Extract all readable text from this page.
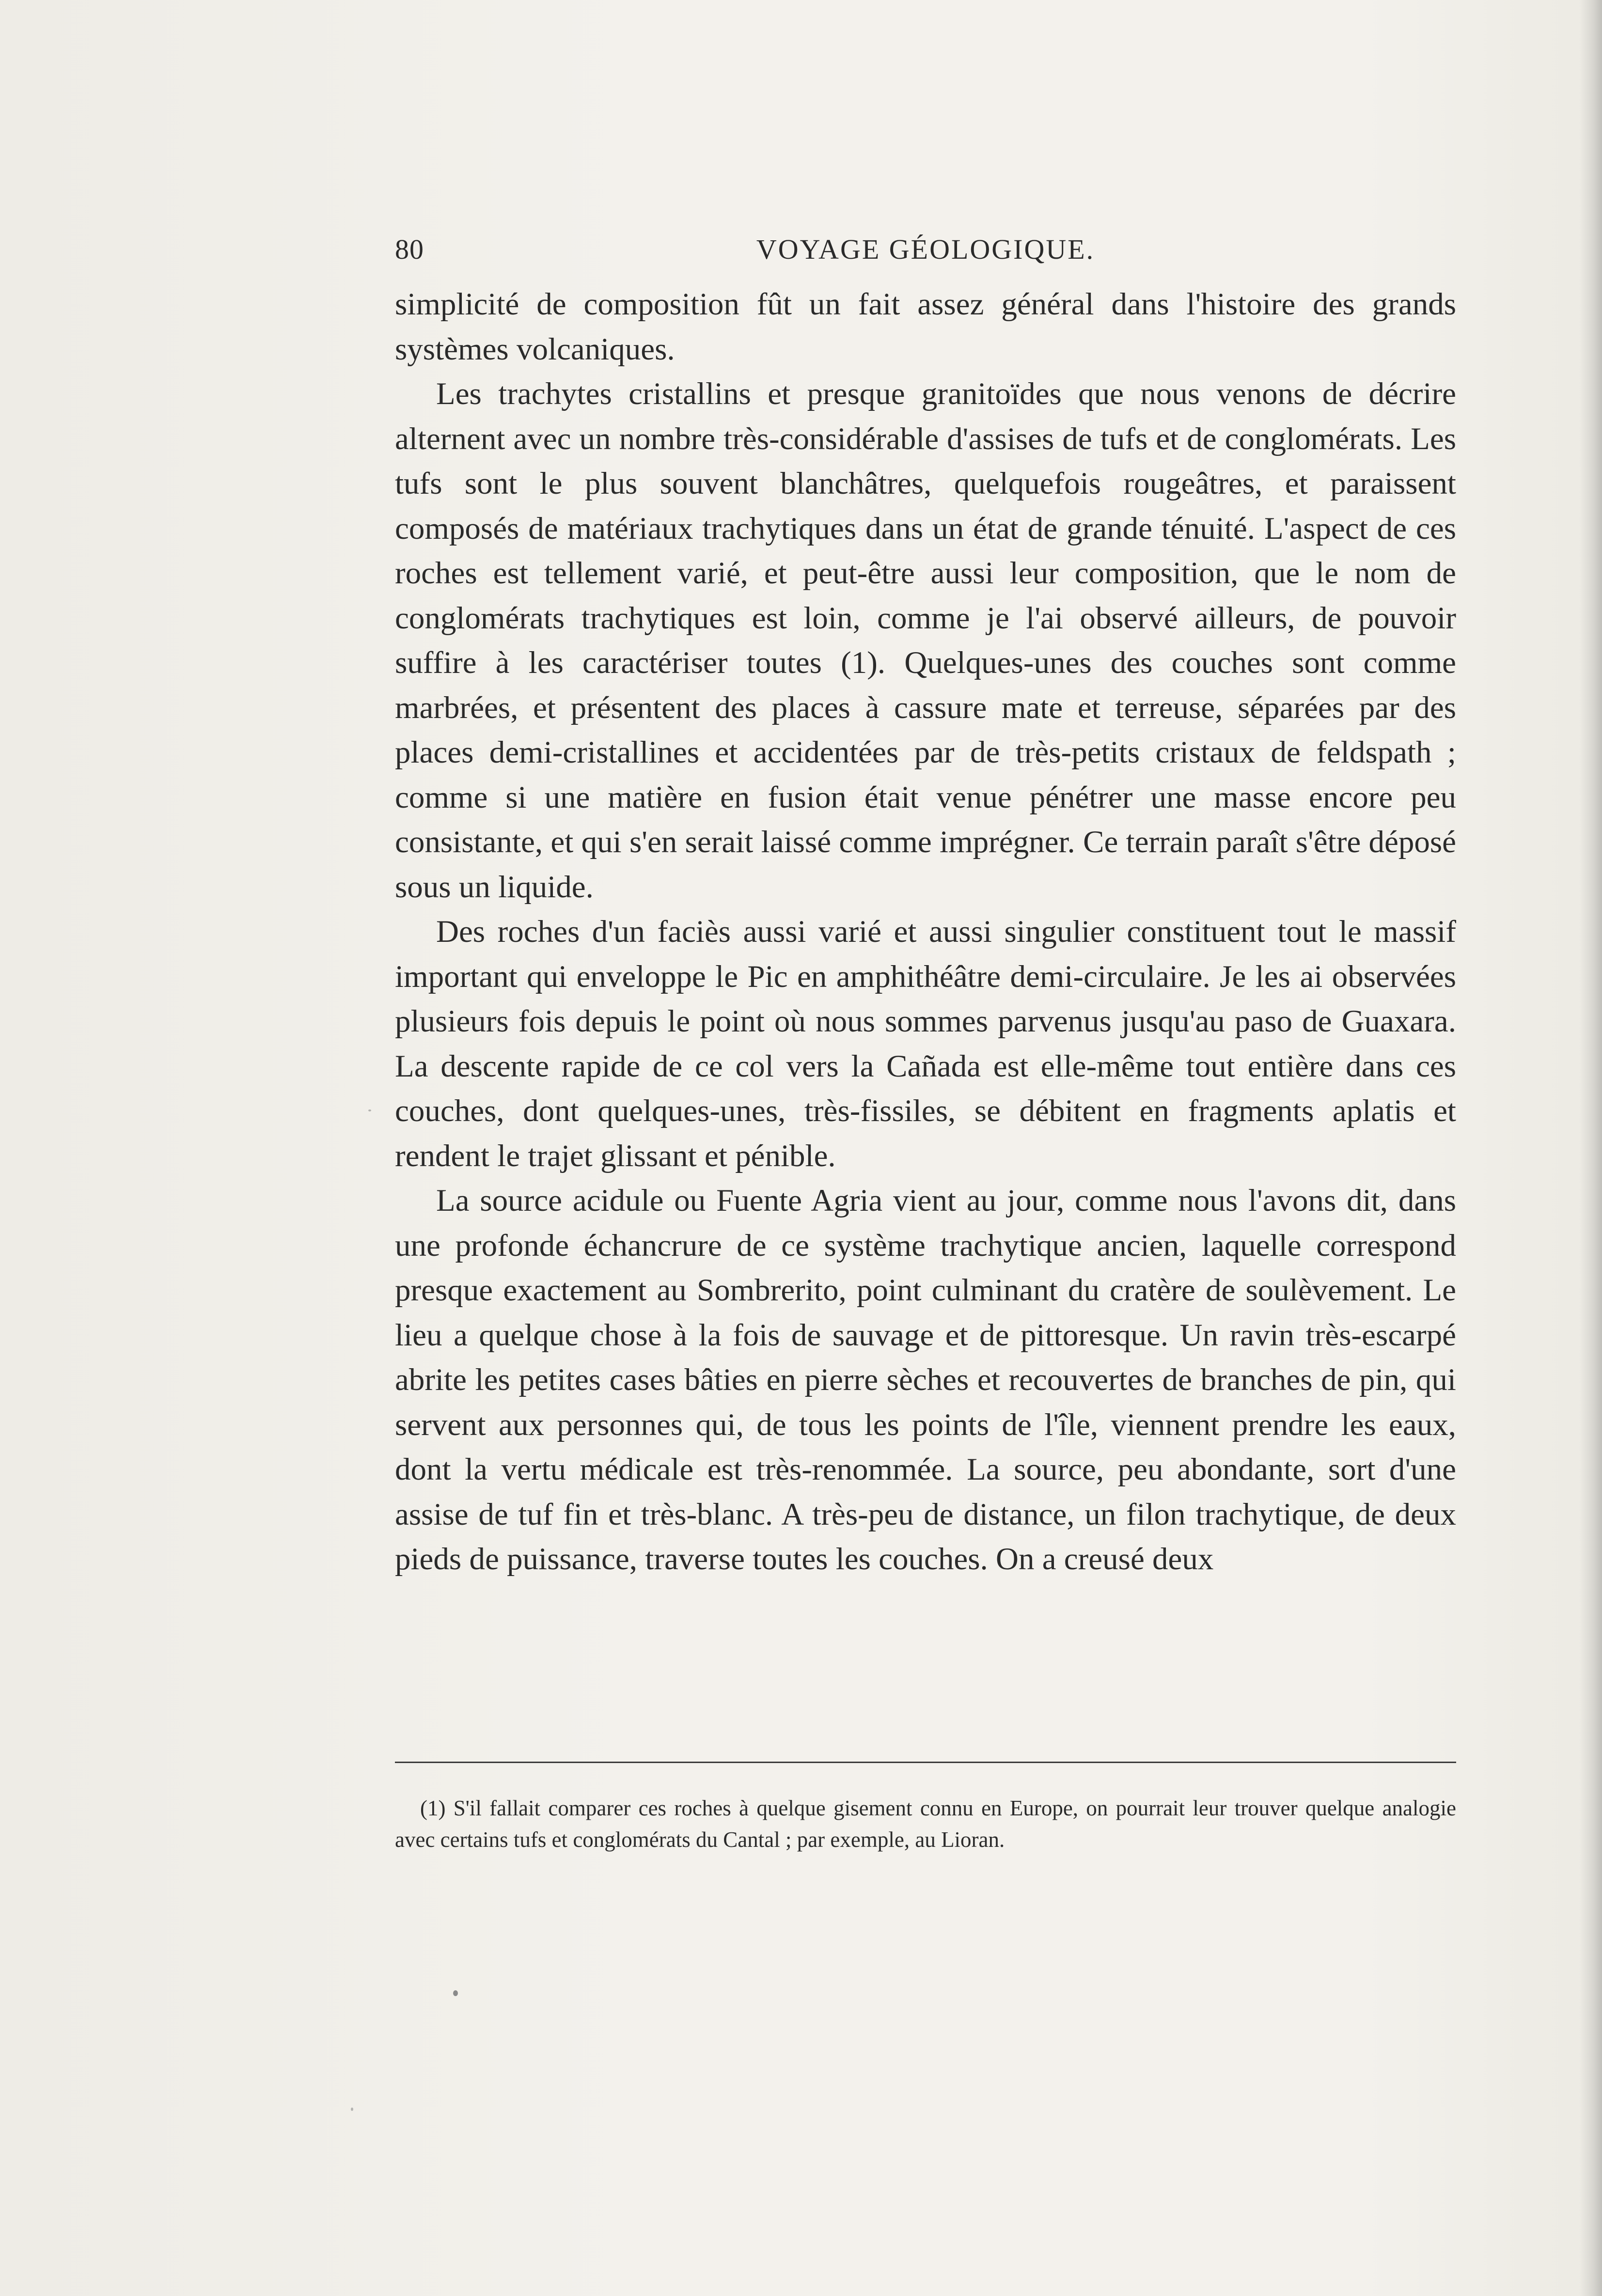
80	VOYAGE GÉOLOGIQUE.

simplicité de composition fût un fait assez général dans l'histoire des grands systèmes volcaniques.

Les trachytes cristallins et presque granitoïdes que nous venons de décrire alternent avec un nombre très-considérable d'assises de tufs et de conglomérats. Les tufs sont le plus souvent blanchâtres, quelquefois rougeâtres, et paraissent composés de matériaux trachytiques dans un état de grande ténuité. L'aspect de ces roches est tellement varié, et peut-être aussi leur composition, que le nom de conglomérats trachytiques est loin, comme je l'ai observé ailleurs, de pouvoir suffire à les caractériser toutes (1). Quelques-unes des couches sont comme marbrées, et présentent des places à cassure mate et terreuse, séparées par des places demi-cristallines et accidentées par de très-petits cristaux de feldspath ; comme si une matière en fusion était venue pénétrer une masse encore peu consistante, et qui s'en serait laissé comme imprégner. Ce terrain paraît s'être déposé sous un liquide.

Des roches d'un faciès aussi varié et aussi singulier constituent tout le massif important qui enveloppe le Pic en amphithéâtre demi-circulaire. Je les ai observées plusieurs fois depuis le point où nous sommes parvenus jusqu'au paso de Guaxara. La descente rapide de ce col vers la Cañada est elle-même tout entière dans ces couches, dont quelques-unes, très-fissiles, se débitent en fragments aplatis et rendent le trajet glissant et pénible.

La source acidule ou Fuente Agria vient au jour, comme nous l'avons dit, dans une profonde échancrure de ce système trachytique ancien, laquelle correspond presque exactement au Sombrerito, point culminant du cratère de soulèvement. Le lieu a quelque chose à la fois de sauvage et de pittoresque. Un ravin très-escarpé abrite les petites cases bâties en pierre sèches et recouvertes de branches de pin, qui servent aux personnes qui, de tous les points de l'île, viennent prendre les eaux, dont la vertu médicale est très-renommée. La source, peu abondante, sort d'une assise de tuf fin et très-blanc. A très-peu de distance, un filon trachytique, de deux pieds de puissance, traverse toutes les couches. On a creusé deux

(1) S'il fallait comparer ces roches à quelque gisement connu en Europe, on pourrait leur trouver quelque analogie avec certains tufs et conglomérats du Cantal ; par exemple, au Lioran.
